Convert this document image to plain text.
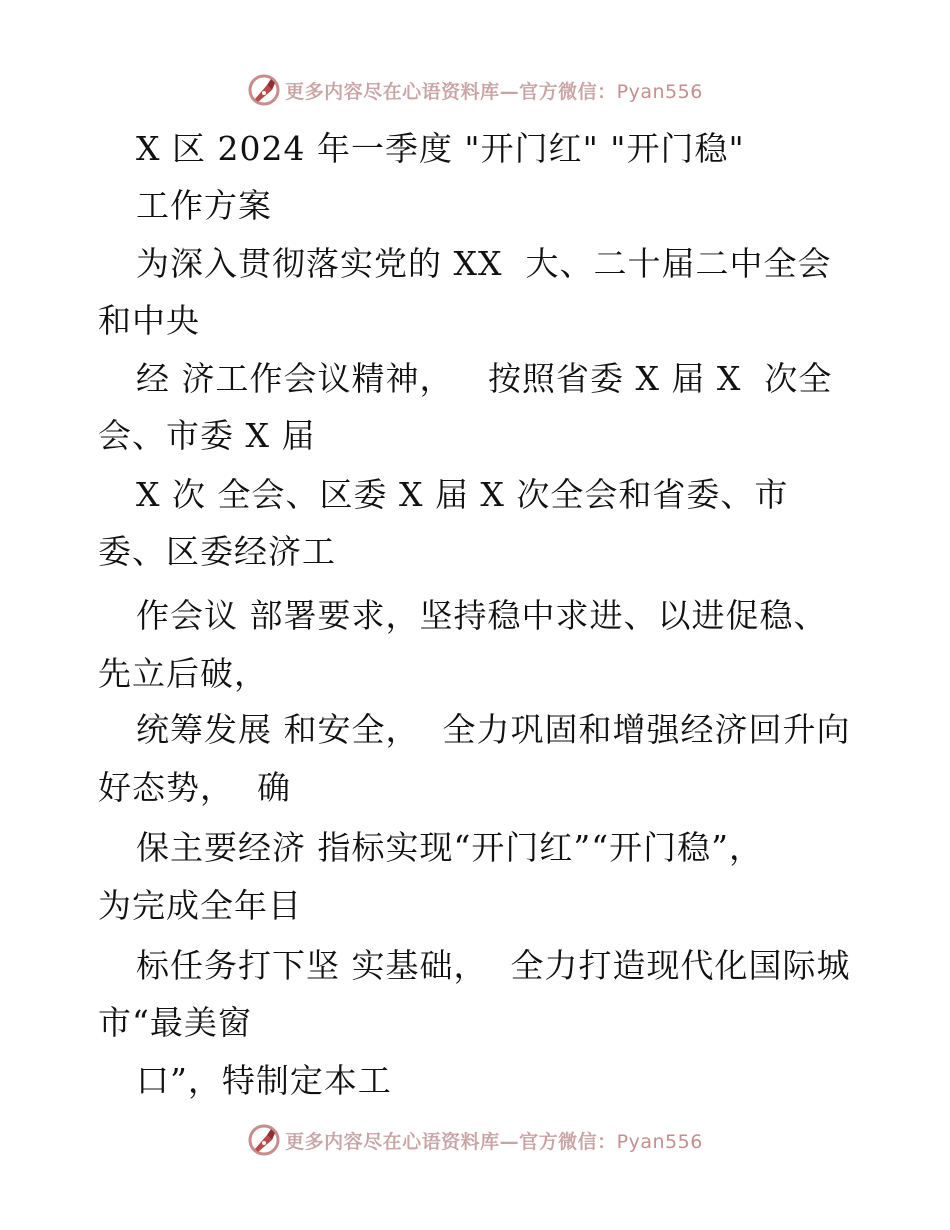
更多内容尽在心语资料库—官方微信：Pyan556
X 区 2024 年一季度 "开门红" "开门稳"
工作方案
为深入贯彻落实党的 XX  大、二十届二中全会
和中央
经 济工作会议精神，   按照省委 X 届 X  次全
会、市委 X 届
X 次 全会、区委 X 届 X 次全会和省委、市
委、区委经济工
作会议 部署要求，坚持稳中求进、以进促稳、
先立后破，
统筹发展 和安全，  全力巩固和增强经济回升向
好态势，  确
保主要经济 指标实现“开门红”“开门稳”，
为完成全年目
标任务打下坚 实基础，  全力打造现代化国际城
市“最美窗
口”，特制定本工
更多内容尽在心语资料库—官方微信：Pyan556
